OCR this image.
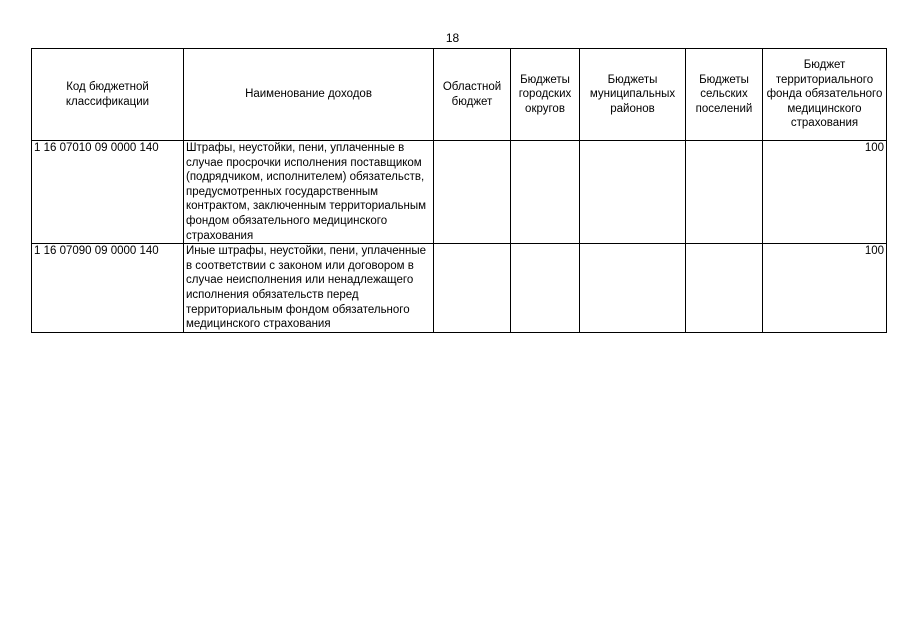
18
Код бюджетной классификации	Наименование доходов	Областной бюджет	Бюджеты городских округов	Бюджеты муниципальных районов	Бюджеты сельских поселений	Бюджет территориального фонда обязательного медицинского страхования
1 16 07010 09 0000 140	Штрафы, неустойки, пени, уплаченные в случае просрочки исполнения поставщиком (подрядчиком, исполнителем) обязательств, предусмотренных государственным контрактом, заключенным территориальным фондом обязательного медицинского страхования					100
1 16 07090 09 0000 140	Иные штрафы, неустойки, пени, уплаченные в соответствии с законом или договором в случае неисполнения или ненадлежащего исполнения обязательств перед территориальным фондом обязательного медицинского страхования					100
